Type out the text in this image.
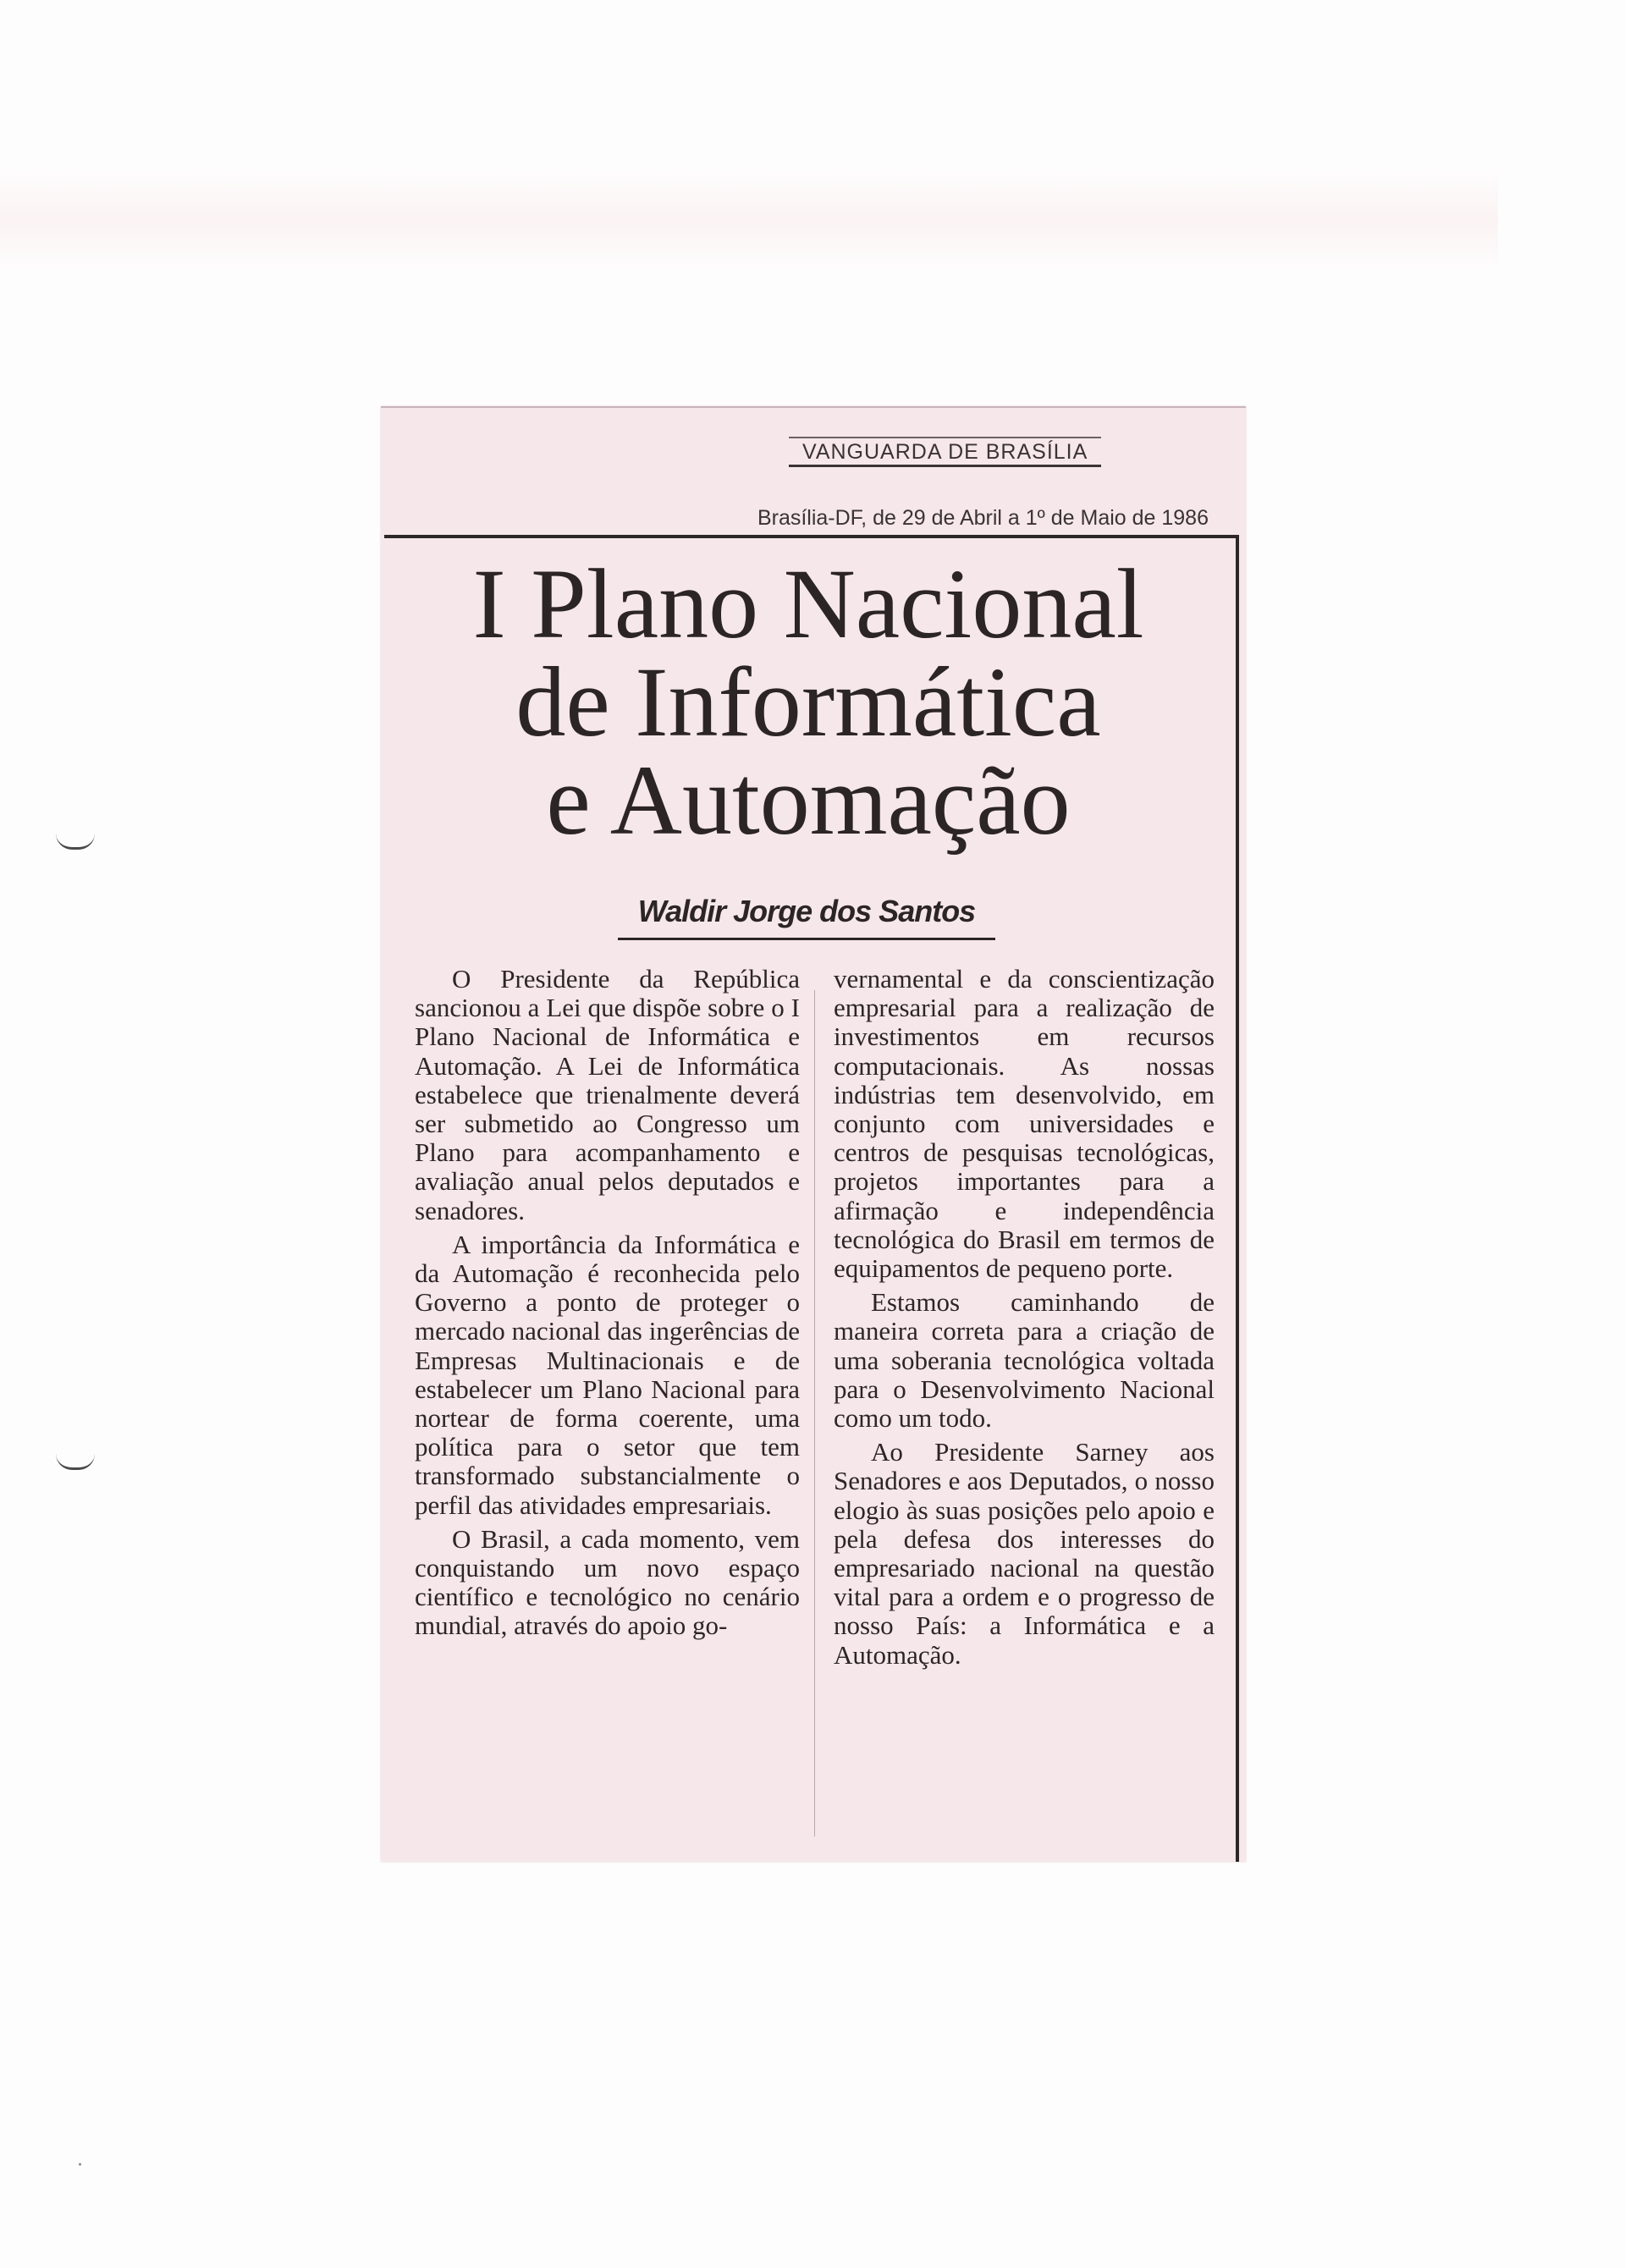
VANGUARDA DE BRASÍLIA
Brasília-DF, de 29 de Abril a 1º de Maio de 1986
I Plano Nacional
de Informática
e Automação
Waldir Jorge dos Santos

O Presidente da República sancionou a Lei que dispõe sobre o I Plano Nacional de Informática e Automação. A Lei de Informática estabelece que trienalmente deverá ser submetido ao Congresso um Plano para acompanhamento e avaliação anual pelos deputados e senadores.

A importância da Informática e da Automação é reconhecida pelo Governo a ponto de proteger o mercado nacional das ingerências de Empresas Multinacionais e de estabelecer um Plano Nacional para nortear de forma coerente, uma política para o setor que tem transformado substancialmente o perfil das atividades empresariais.

O Brasil, a cada momento, vem conquistando um novo espaço científico e tecnológico no cenário mundial, através do apoio go-

vernamental e da conscientização empresarial para a realização de investimentos em recursos computacionais. As nossas indústrias tem desenvolvido, em conjunto com universidades e centros de pesquisas tecnológicas, projetos importantes para a afirmação e independência tecnológica do Brasil em termos de equipamentos de pequeno porte.

Estamos caminhando de maneira correta para a criação de uma soberania tecnológica voltada para o Desenvolvimento Nacional como um todo.

Ao Presidente Sarney aos Senadores e aos Deputados, o nosso elogio às suas posições pelo apoio e pela defesa dos interesses do empresariado nacional na questão vital para a ordem e o progresso de nosso País: a Informática e a Automação.
